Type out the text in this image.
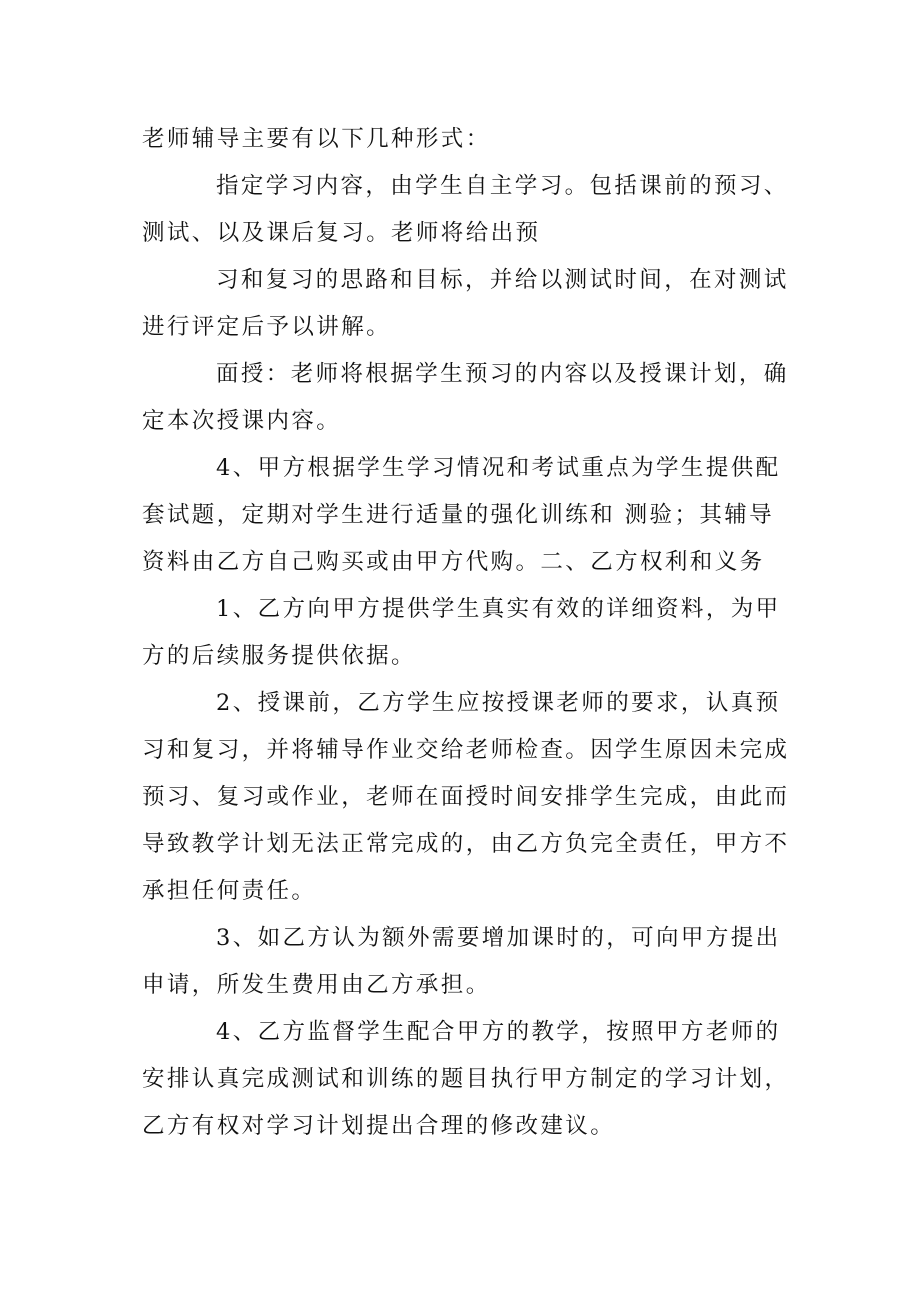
老师辅导主要有以下几种形式：

指定学习内容，由学生自主学习。包括课前的预习、
测试、以及课后复习。老师将给出预

习和复习的思路和目标，并给以测试时间，在对测试
进行评定后予以讲解。

面授：老师将根据学生预习的内容以及授课计划，确
定本次授课内容。

4、甲方根据学生学习情况和考试重点为学生提供配
套试题，定期对学生进行适量的强化训练和 测验；其辅导
资料由乙方自己购买或由甲方代购。二、乙方权利和义务

1、乙方向甲方提供学生真实有效的详细资料，为甲
方的后续服务提供依据。

2、授课前，乙方学生应按授课老师的要求，认真预
习和复习，并将辅导作业交给老师检查。因学生原因未完成
预习、复习或作业，老师在面授时间安排学生完成，由此而
导致教学计划无法正常完成的，由乙方负完全责任，甲方不
承担任何责任。

3、如乙方认为额外需要增加课时的，可向甲方提出
申请，所发生费用由乙方承担。

4、乙方监督学生配合甲方的教学，按照甲方老师的
安排认真完成测试和训练的题目执行甲方制定的学习计划，
乙方有权对学习计划提出合理的修改建议。
